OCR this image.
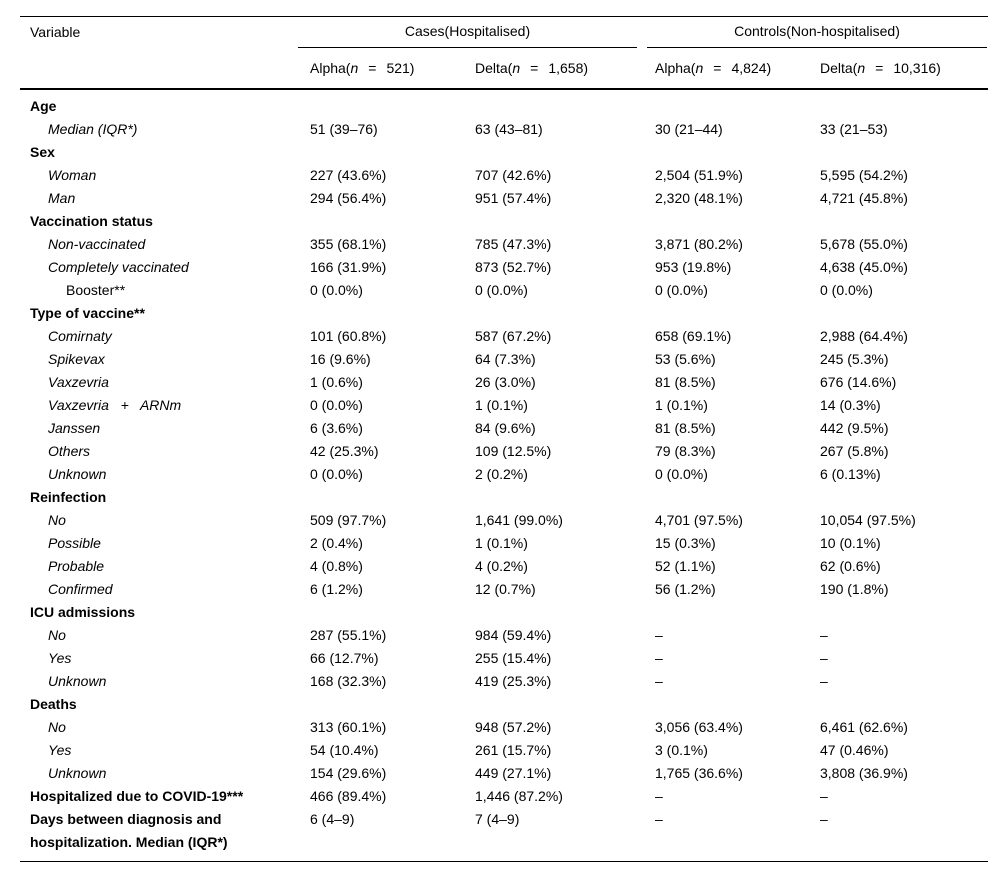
Variable	Cases(Hospitalised)		Controls(Non-hospitalised)	

	Alpha(n = 521)	Delta(n = 1,658)	Alpha(n = 4,824)	Delta(n = 10,316)
Age				
Median (IQR*)	51 (39–76)	63 (43–81)	30 (21–44)	33 (21–53)
Sex				
Woman	227 (43.6%)	707 (42.6%)	2,504 (51.9%)	5,595 (54.2%)
Man	294 (56.4%)	951 (57.4%)	2,320 (48.1%)	4,721 (45.8%)
Vaccination status				
Non-vaccinated	355 (68.1%)	785 (47.3%)	3,871 (80.2%)	5,678 (55.0%)
Completely vaccinated	166 (31.9%)	873 (52.7%)	953 (19.8%)	4,638 (45.0%)
Booster**	0 (0.0%)	0 (0.0%)	0 (0.0%)	0 (0.0%)
Type of vaccine**				
Comirnaty	101 (60.8%)	587 (67.2%)	658 (69.1%)	2,988 (64.4%)
Spikevax	16 (9.6%)	64 (7.3%)	53 (5.6%)	245 (5.3%)
Vaxzevria	1 (0.6%)	26 (3.0%)	81 (8.5%)	676 (14.6%)
Vaxzevria   +   ARNm	0 (0.0%)	1 (0.1%)	1 (0.1%)	14 (0.3%)
Janssen	6 (3.6%)	84 (9.6%)	81 (8.5%)	442 (9.5%)
Others	42 (25.3%)	109 (12.5%)	79 (8.3%)	267 (5.8%)
Unknown	0 (0.0%)	2 (0.2%)	0 (0.0%)	6 (0.13%)
Reinfection				
No	509 (97.7%)	1,641 (99.0%)	4,701 (97.5%)	10,054 (97.5%)
Possible	2 (0.4%)	1 (0.1%)	15 (0.3%)	10 (0.1%)
Probable	4 (0.8%)	4 (0.2%)	52 (1.1%)	62 (0.6%)
Confirmed	6 (1.2%)	12 (0.7%)	56 (1.2%)	190 (1.8%)
ICU admissions				
No	287 (55.1%)	984 (59.4%)	–	–
Yes	66 (12.7%)	255 (15.4%)	–	–
Unknown	168 (32.3%)	419 (25.3%)	–	–
Deaths				
No	313 (60.1%)	948 (57.2%)	3,056 (63.4%)	6,461 (62.6%)
Yes	54 (10.4%)	261 (15.7%)	3 (0.1%)	47 (0.46%)
Unknown	154 (29.6%)	449 (27.1%)	1,765 (36.6%)	3,808 (36.9%)
Hospitalized due to COVID-19***	466 (89.4%)	1,446 (87.2%)	–	–
Days between diagnosis and hospitalization. Median (IQR*)	6 (4–9)	7 (4–9)	–	–
